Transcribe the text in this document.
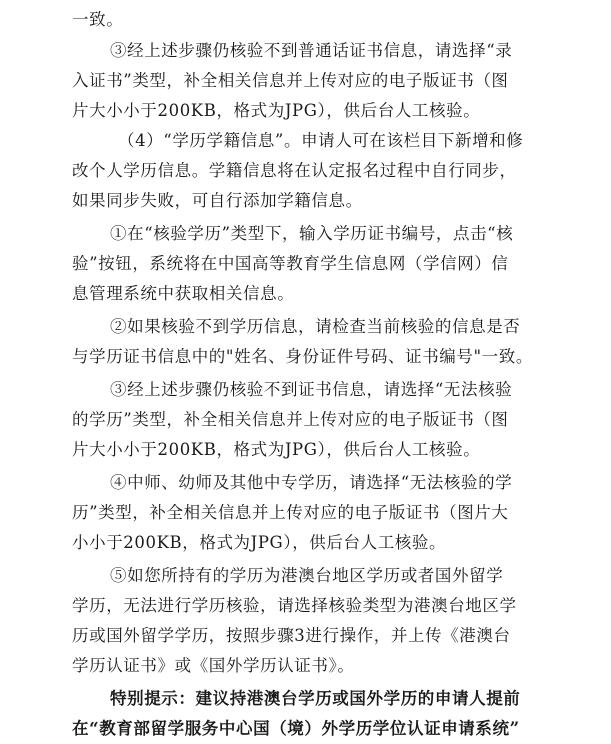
一致。
③经上述步骤仍核验不到普通话证书信息，请选择“录
入证书”类型，补全相关信息并上传对应的电子版证书（图
片大小小于200KB，格式为JPG），供后台人工核验。
（4）“学历学籍信息”。申请人可在该栏目下新增和修
改个人学历信息。学籍信息将在认定报名过程中自行同步，
如果同步失败，可自行添加学籍信息。
①在“核验学历”类型下，输入学历证书编号，点击“核
验”按钮，系统将在中国高等教育学生信息网（学信网）信
息管理系统中获取相关信息。
②如果核验不到学历信息，请检查当前核验的信息是否
与学历证书信息中的"姓名、身份证件号码、证书编号"一致。
③经上述步骤仍核验不到证书信息，请选择“无法核验
的学历”类型，补全相关信息并上传对应的电子版证书（图
片大小小于200KB，格式为JPG），供后台人工核验。
④中师、幼师及其他中专学历，请选择“无法核验的学
历”类型，补全相关信息并上传对应的电子版证书（图片大
小小于200KB，格式为JPG），供后台人工核验。
⑤如您所持有的学历为港澳台地区学历或者国外留学
学历，无法进行学历核验，请选择核验类型为港澳台地区学
历或国外留学学历，按照步骤3进行操作，并上传《港澳台
学历认证书》或《国外学历认证书》。
特别提示：建议持港澳台学历或国外学历的申请人提前
在“教育部留学服务中心国（境）外学历学位认证申请系统”
